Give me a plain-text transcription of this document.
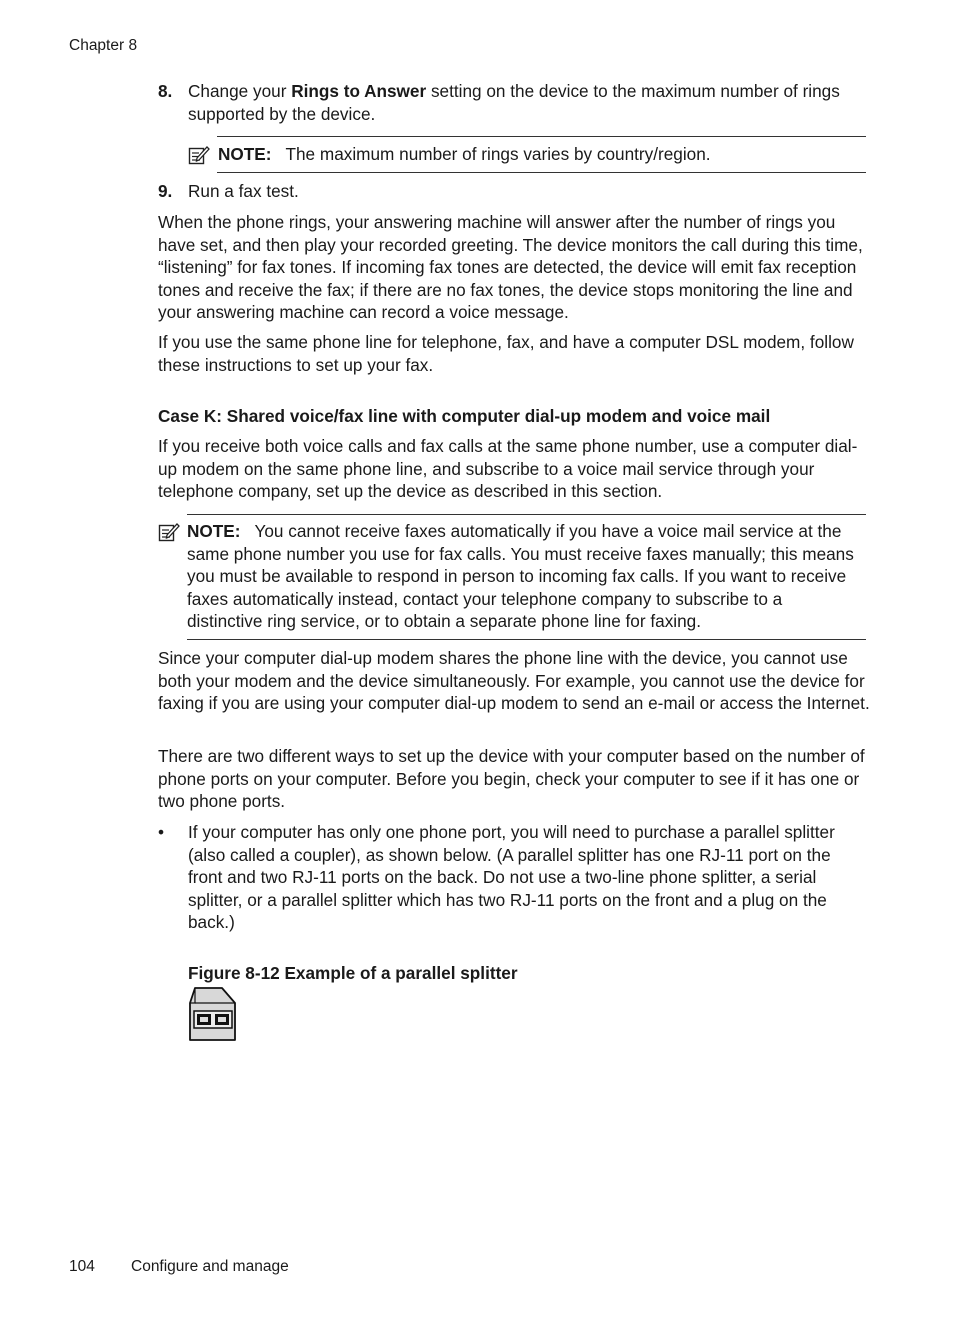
Chapter 8
8. Change your Rings to Answer setting on the device to the maximum number of rings supported by the device.
NOTE: The maximum number of rings varies by country/region.
9. Run a fax test.
When the phone rings, your answering machine will answer after the number of rings you have set, and then play your recorded greeting. The device monitors the call during this time, “listening” for fax tones. If incoming fax tones are detected, the device will emit fax reception tones and receive the fax; if there are no fax tones, the device stops monitoring the line and your answering machine can record a voice message.
If you use the same phone line for telephone, fax, and have a computer DSL modem, follow these instructions to set up your fax.
Case K: Shared voice/fax line with computer dial-up modem and voice mail
If you receive both voice calls and fax calls at the same phone number, use a computer dial-up modem on the same phone line, and subscribe to a voice mail service through your telephone company, set up the device as described in this section.
NOTE: You cannot receive faxes automatically if you have a voice mail service at the same phone number you use for fax calls. You must receive faxes manually; this means you must be available to respond in person to incoming fax calls. If you want to receive faxes automatically instead, contact your telephone company to subscribe to a distinctive ring service, or to obtain a separate phone line for faxing.
Since your computer dial-up modem shares the phone line with the device, you cannot use both your modem and the device simultaneously. For example, you cannot use the device for faxing if you are using your computer dial-up modem to send an e-mail or access the Internet.
There are two different ways to set up the device with your computer based on the number of phone ports on your computer. Before you begin, check your computer to see if it has one or two phone ports.
• If your computer has only one phone port, you will need to purchase a parallel splitter (also called a coupler), as shown below. (A parallel splitter has one RJ-11 port on the front and two RJ-11 ports on the back. Do not use a two-line phone splitter, a serial splitter, or a parallel splitter which has two RJ-11 ports on the front and a plug on the back.)
Figure 8-12 Example of a parallel splitter
104 Configure and manage
